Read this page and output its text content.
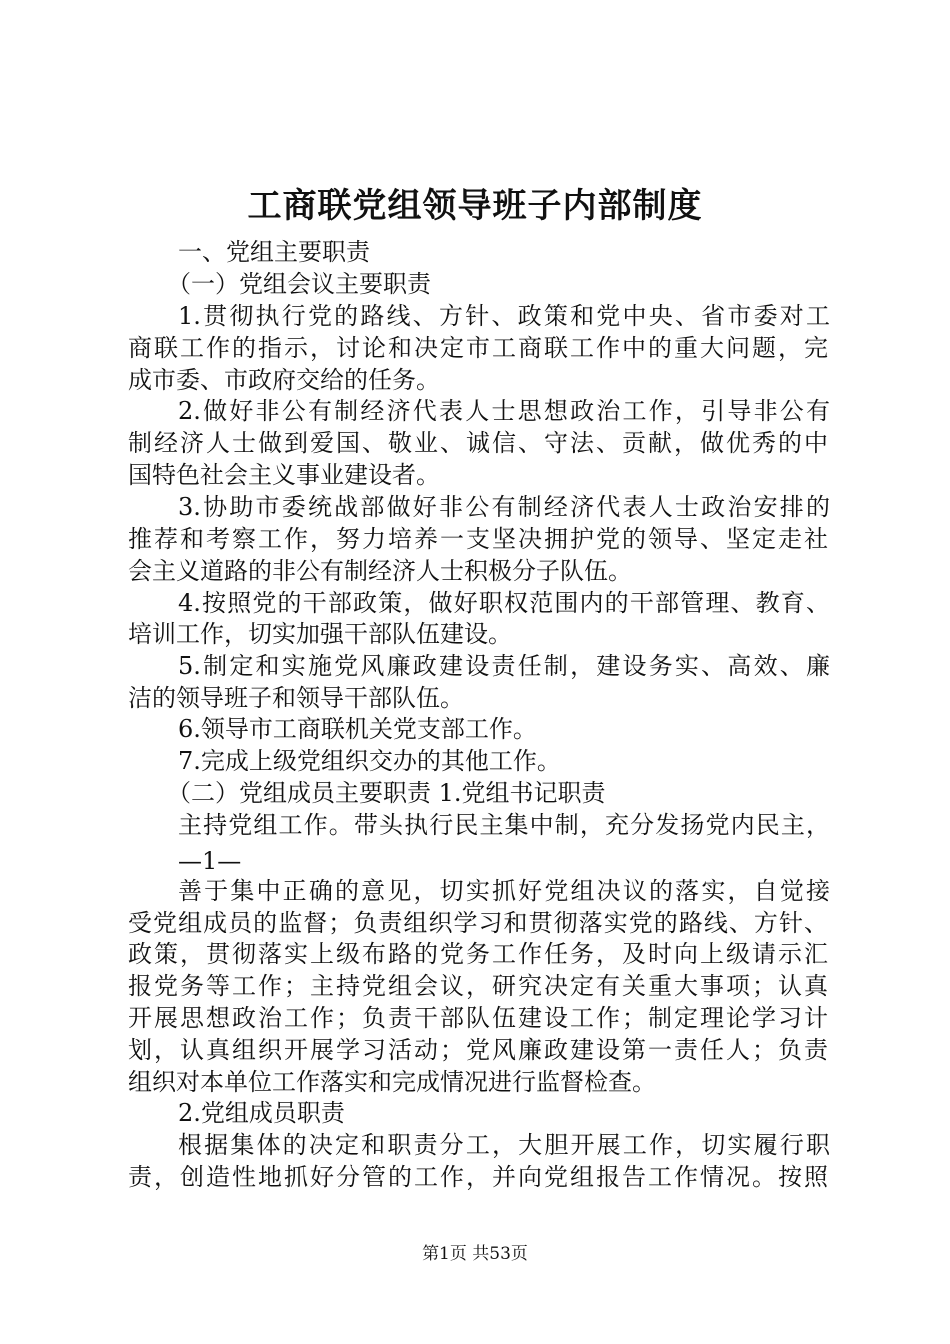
工商联党组领导班子内部制度
一、党组主要职责
（一）党组会议主要职责
1.贯彻执行党的路线、方针、政策和党中央、省市委对工
商联工作的指示，讨论和决定市工商联工作中的重大问题，完
成市委、市政府交给的任务。
2.做好非公有制经济代表人士思想政治工作，引导非公有
制经济人士做到爱国、敬业、诚信、守法、贡献，做优秀的中
国特色社会主义事业建设者。
3.协助市委统战部做好非公有制经济代表人士政治安排的
推荐和考察工作，努力培养一支坚决拥护党的领导、坚定走社
会主义道路的非公有制经济人士积极分子队伍。
4.按照党的干部政策，做好职权范围内的干部管理、教育、
培训工作，切实加强干部队伍建设。
5.制定和实施党风廉政建设责任制，建设务实、高效、廉
洁的领导班子和领导干部队伍。
6.领导市工商联机关党支部工作。
7.完成上级党组织交办的其他工作。
（二）党组成员主要职责 1.党组书记职责
主持党组工作。带头执行民主集中制，充分发扬党内民主，
—1—
善于集中正确的意见，切实抓好党组决议的落实，自觉接
受党组成员的监督；负责组织学习和贯彻落实党的路线、方针、
政策，贯彻落实上级布路的党务工作任务，及时向上级请示汇
报党务等工作；主持党组会议，研究决定有关重大事项；认真
开展思想政治工作；负责干部队伍建设工作；制定理论学习计
划，认真组织开展学习活动；党风廉政建设第一责任人；负责
组织对本单位工作落实和完成情况进行监督检查。
2.党组成员职责
根据集体的决定和职责分工，大胆开展工作，切实履行职
责，创造性地抓好分管的工作，并向党组报告工作情况。按照
第1页 共53页
